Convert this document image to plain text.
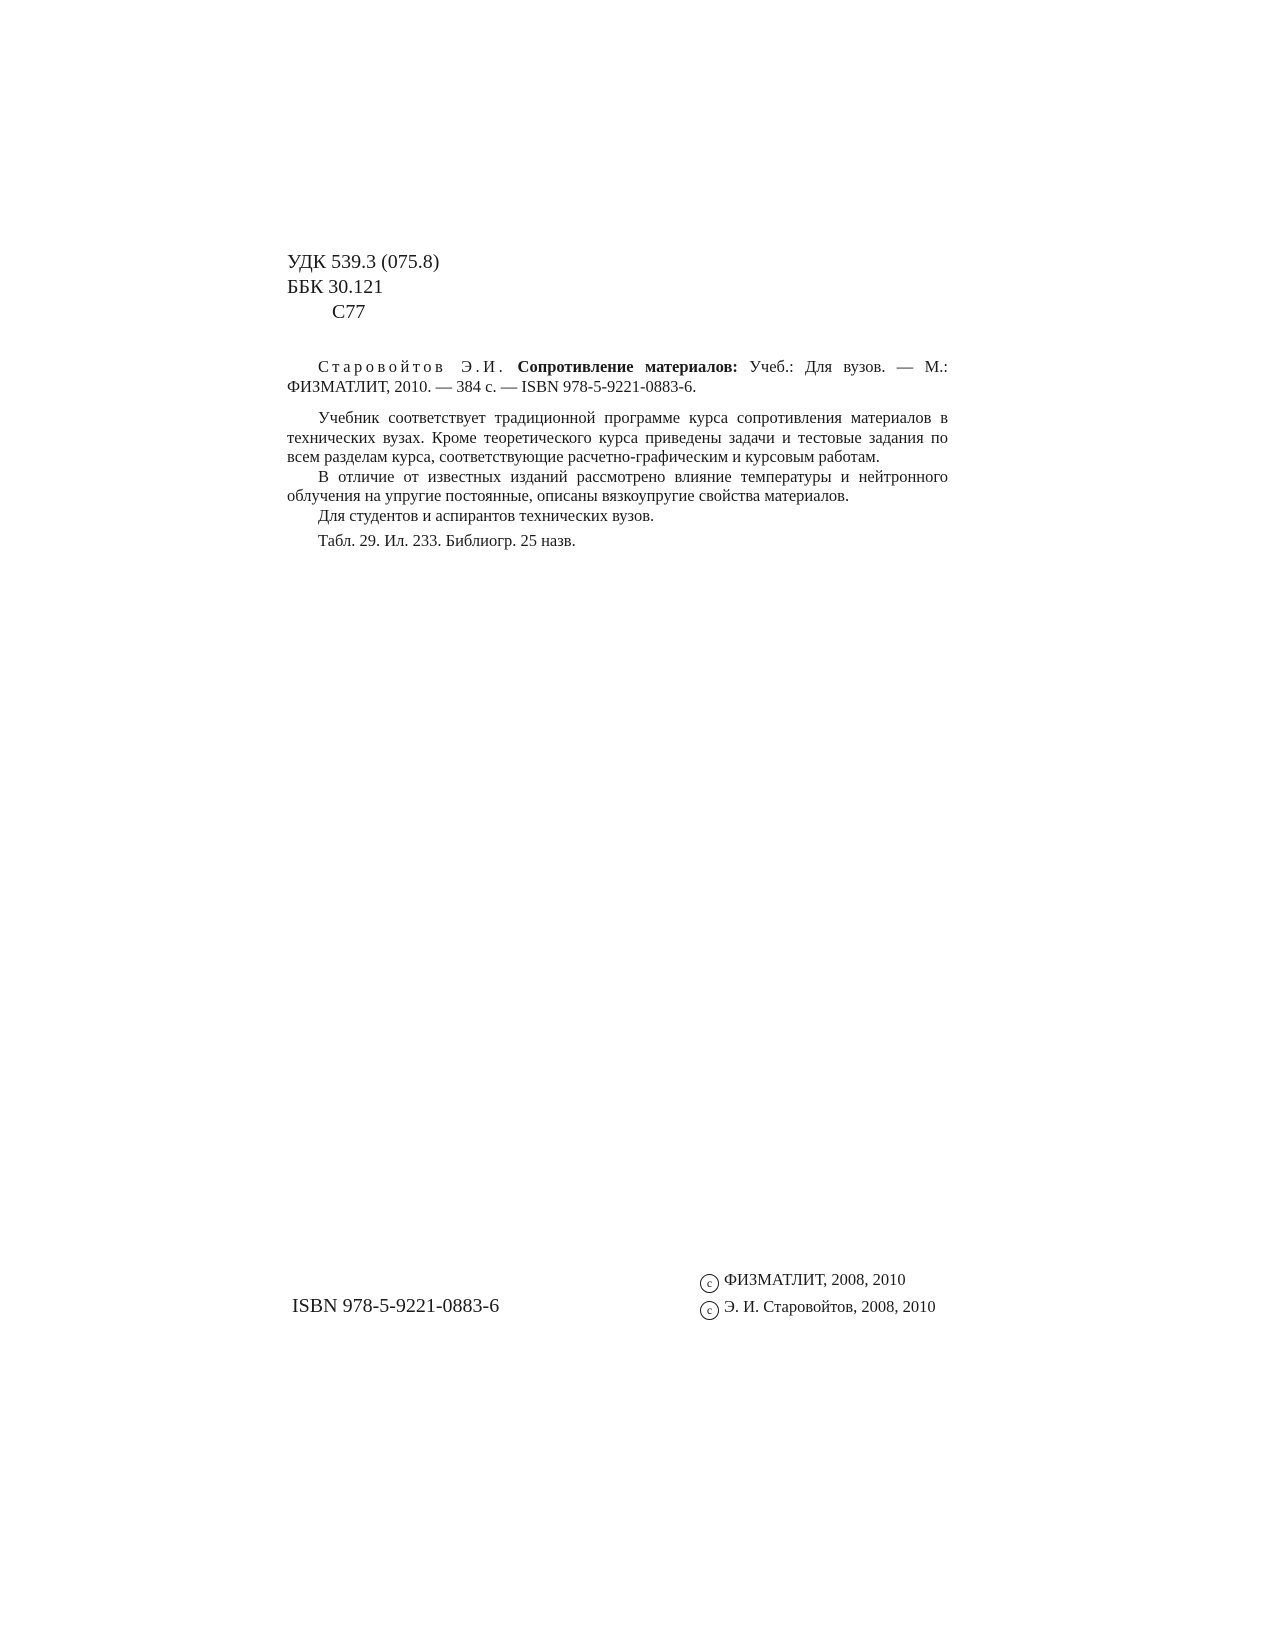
УДК 539.3 (075.8)
ББК 30.121
С77

Старовойтов Э.И. Сопротивление материалов: Учеб.: Для вузов. — М.: ФИЗМАТЛИТ, 2010. — 384 с. — ISBN 978-5-9221-0883-6.

Учебник соответствует традиционной программе курса сопротивления материалов в технических вузах. Кроме теоретического курса приведены задачи и тестовые задания по всем разделам курса, соответствующие расчетно-графическим и курсовым работам.

В отличие от известных изданий рассмотрено влияние температуры и нейтронного облучения на упругие постоянные, описаны вязкоупругие свойства материалов.

Для студентов и аспирантов технических вузов.

Табл. 29. Ил. 233. Библиогр. 25 назв.

ISBN 978-5-9221-0883-6
c ФИЗМАТЛИТ, 2008, 2010
c Э. И. Старовойтов, 2008, 2010
